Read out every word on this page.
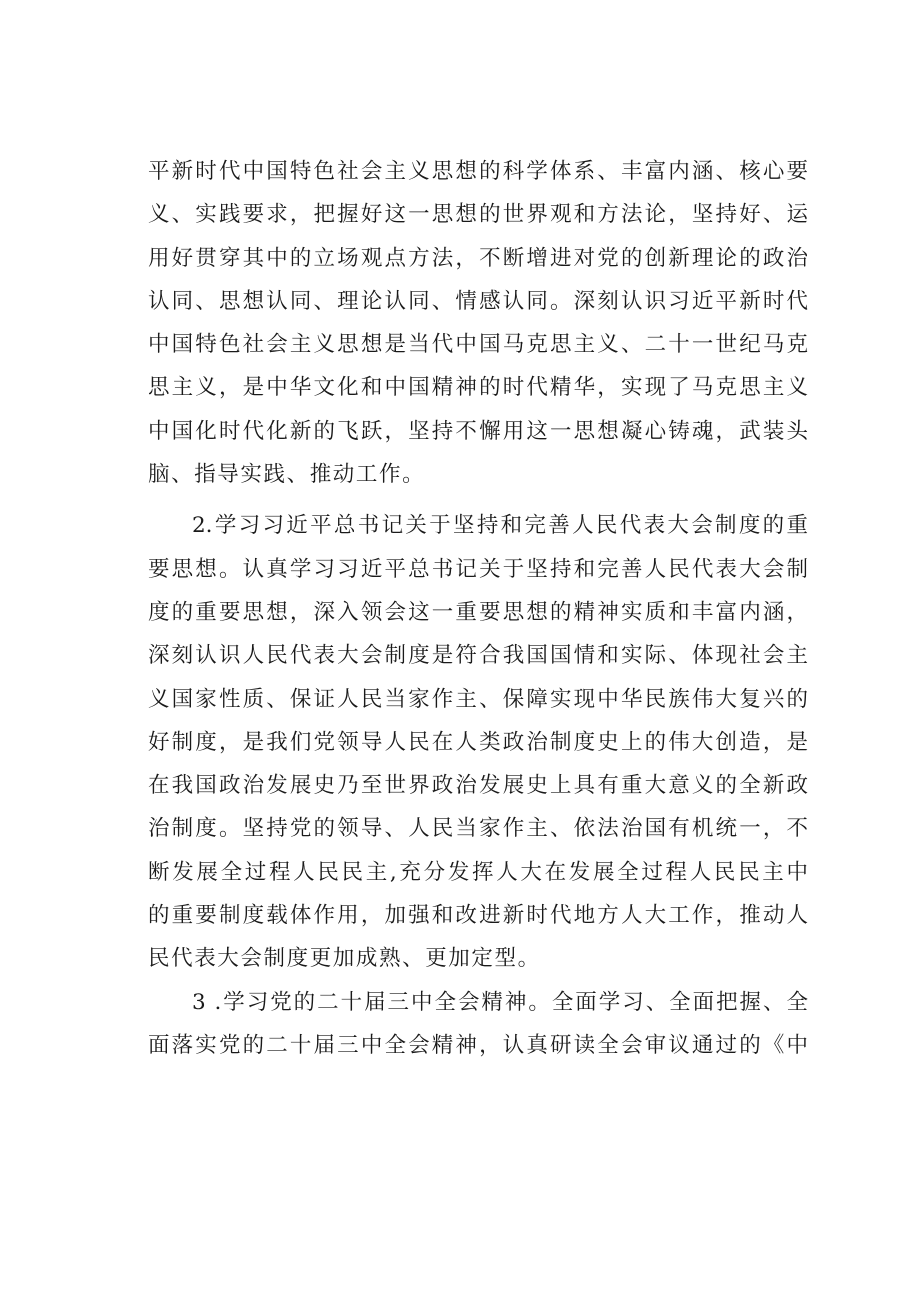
平新时代中国特色社会主义思想的科学体系、丰富内涵、核心要
义、实践要求，把握好这一思想的世界观和方法论，坚持好、运
用好贯穿其中的立场观点方法，不断增进对党的创新理论的政治
认同、思想认同、理论认同、情感认同。深刻认识习近平新时代
中国特色社会主义思想是当代中国马克思主义、二十一世纪马克
思主义，是中华文化和中国精神的时代精华，实现了马克思主义
中国化时代化新的飞跃，坚持不懈用这一思想凝心铸魂，武装头
脑、指导实践、推动工作。
2.学习习近平总书记关于坚持和完善人民代表大会制度的重
要思想。认真学习习近平总书记关于坚持和完善人民代表大会制
度的重要思想，深入领会这一重要思想的精神实质和丰富内涵，
深刻认识人民代表大会制度是符合我国国情和实际、体现社会主
义国家性质、保证人民当家作主、保障实现中华民族伟大复兴的
好制度，是我们党领导人民在人类政治制度史上的伟大创造，是
在我国政治发展史乃至世界政治发展史上具有重大意义的全新政
治制度。坚持党的领导、人民当家作主、依法治国有机统一，不
断发展全过程人民民主,充分发挥人大在发展全过程人民民主中
的重要制度载体作用，加强和改进新时代地方人大工作，推动人
民代表大会制度更加成熟、更加定型。
3 .学习党的二十届三中全会精神。全面学习、全面把握、全
面落实党的二十届三中全会精神，认真研读全会审议通过的《中
